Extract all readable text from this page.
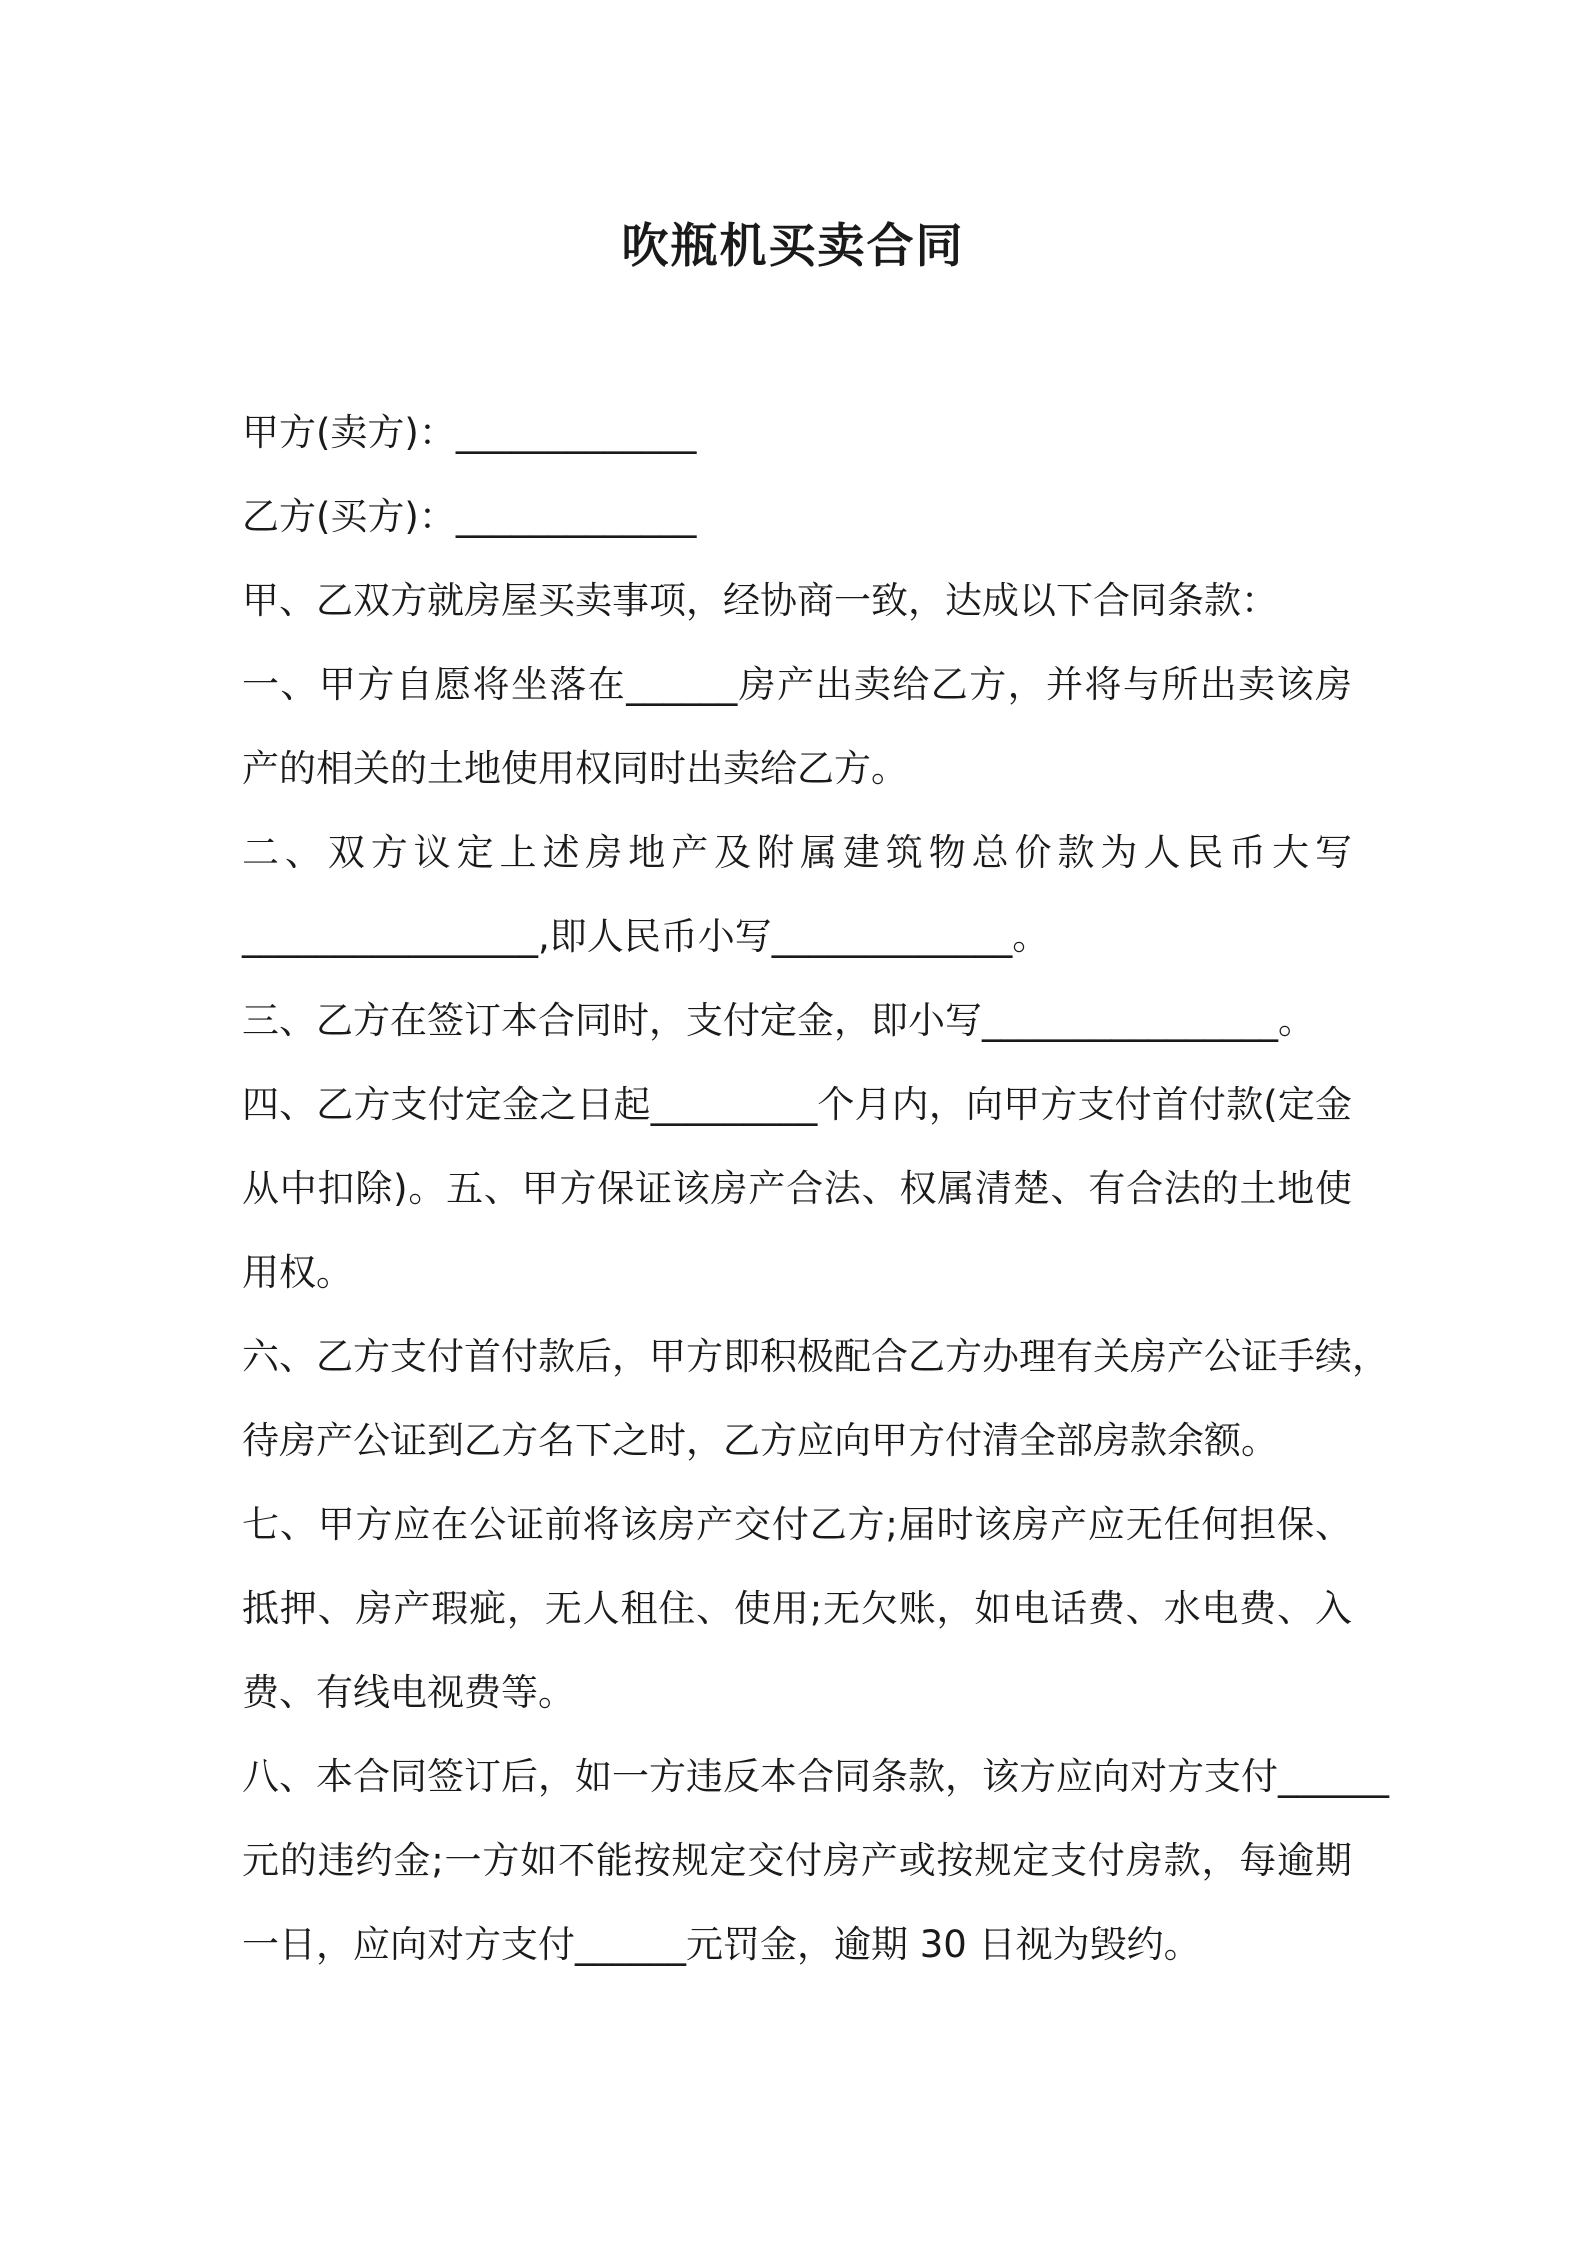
吹瓶机买卖合同

甲方(卖方)：_____________

乙方(买方)：_____________

甲、乙双方就房屋买卖事项，经协商一致，达成以下合同条款：

一、甲方自愿将坐落在______房产出卖给乙方，并将与所出卖该房

产的相关的土地使用权同时出卖给乙方。

二、双方议定上述房地产及附属建筑物总价款为人民币大写

________________,即人民币小写_____________。

三、乙方在签订本合同时，支付定金，即小写________________。

四、乙方支付定金之日起_________个月内，向甲方支付首付款(定金

从中扣除)。五、甲方保证该房产合法、权属清楚、有合法的土地使

用权。

六、乙方支付首付款后，甲方即积极配合乙方办理有关房产公证手续，

待房产公证到乙方名下之时，乙方应向甲方付清全部房款余额。

七、甲方应在公证前将该房产交付乙方;届时该房产应无任何担保、

抵押、房产瑕疵，无人租住、使用;无欠账，如电话费、水电费、入

费、有线电视费等。

八、本合同签订后，如一方违反本合同条款，该方应向对方支付______

元的违约金;一方如不能按规定交付房产或按规定支付房款，每逾期

一日，应向对方支付______元罚金，逾期 30 日视为毁约。
